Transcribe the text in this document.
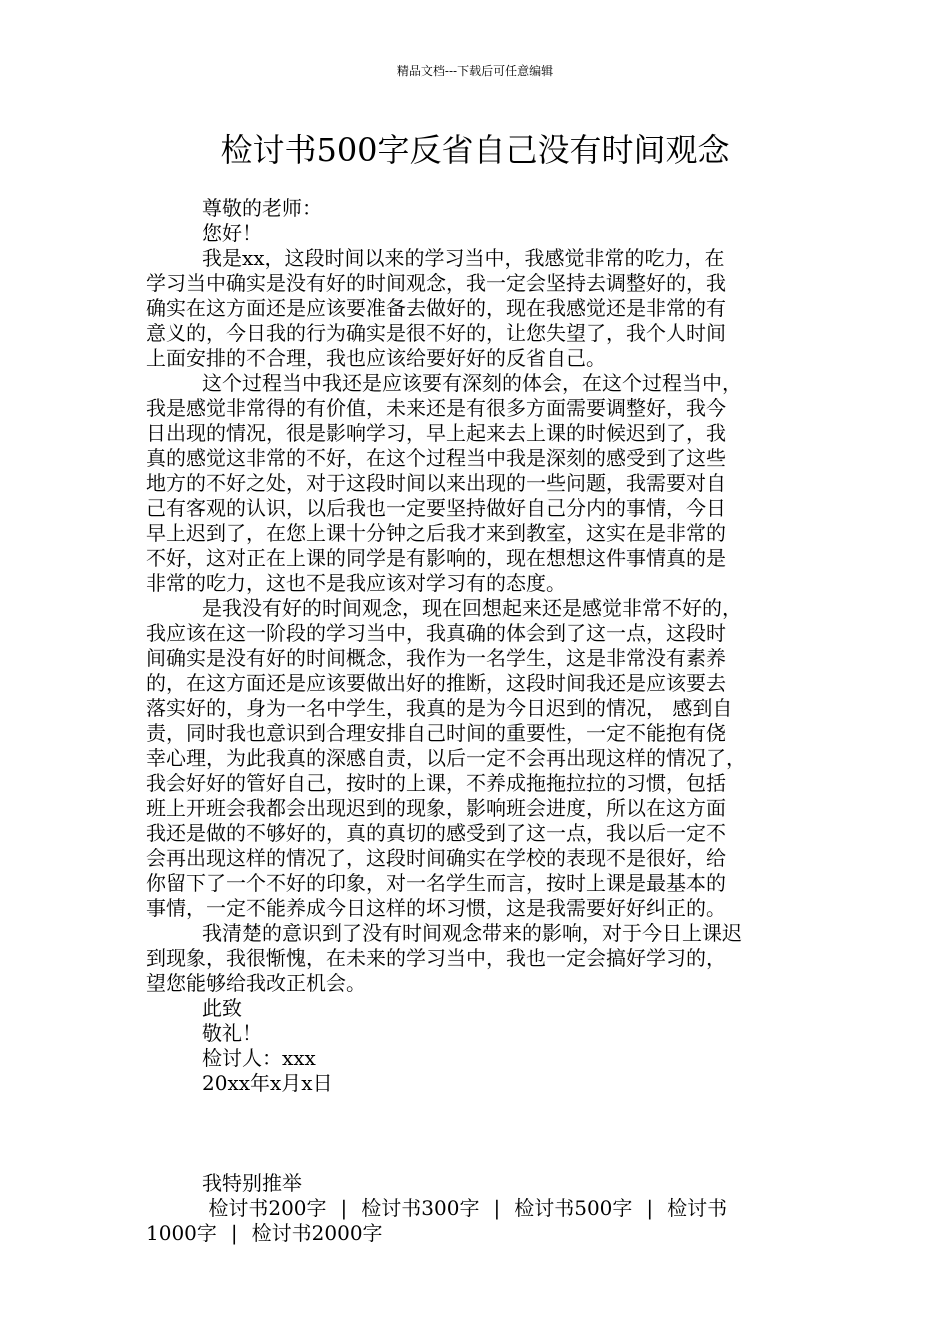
精品文档---下载后可任意编辑
检讨书500字反省自己没有时间观念
尊敬的老师：
您好！
我是xx，这段时间以来的学习当中，我感觉非常的吃力，在
学习当中确实是没有好的时间观念，我一定会坚持去调整好的，我
确实在这方面还是应该要准备去做好的，现在我感觉还是非常的有
意义的，今日我的行为确实是很不好的，让您失望了，我个人时间
上面安排的不合理，我也应该给要好好的反省自己。
这个过程当中我还是应该要有深刻的体会，在这个过程当中，
我是感觉非常得的有价值，未来还是有很多方面需要调整好，我今
日出现的情况，很是影响学习，早上起来去上课的时候迟到了，我
真的感觉这非常的不好，在这个过程当中我是深刻的感受到了这些
地方的不好之处，对于这段时间以来出现的一些问题，我需要对自
己有客观的认识，以后我也一定要坚持做好自己分内的事情，今日
早上迟到了，在您上课十分钟之后我才来到教室，这实在是非常的
不好，这对正在上课的同学是有影响的，现在想想这件事情真的是
非常的吃力，这也不是我应该对学习有的态度。
是我没有好的时间观念，现在回想起来还是感觉非常不好的，
我应该在这一阶段的学习当中，我真确的体会到了这一点，这段时
间确实是没有好的时间概念，我作为一名学生，这是非常没有素养
的，在这方面还是应该要做出好的推断，这段时间我还是应该要去
落实好的，身为一名中学生，我真的是为今日迟到的情况， 感到自
责，同时我也意识到合理安排自己时间的重要性，一定不能抱有侥
幸心理，为此我真的深感自责，以后一定不会再出现这样的情况了，
我会好好的管好自己，按时的上课，不养成拖拖拉拉的习惯，包括
班上开班会我都会出现迟到的现象，影响班会进度，所以在这方面
我还是做的不够好的，真的真切的感受到了这一点，我以后一定不
会再出现这样的情况了，这段时间确实在学校的表现不是很好，给
你留下了一个不好的印象，对一名学生而言，按时上课是最基本的
事情，一定不能养成今日这样的坏习惯，这是我需要好好纠正的。
我清楚的意识到了没有时间观念带来的影响，对于今日上课迟
到现象，我很惭愧，在未来的学习当中，我也一定会搞好学习的，
望您能够给我改正机会。
此致
敬礼！
检讨人：xxx
20xx年x月x日
我特别推举
检讨书200字 | 检讨书300字 | 检讨书500字 | 检讨书
1000字 | 检讨书2000字
